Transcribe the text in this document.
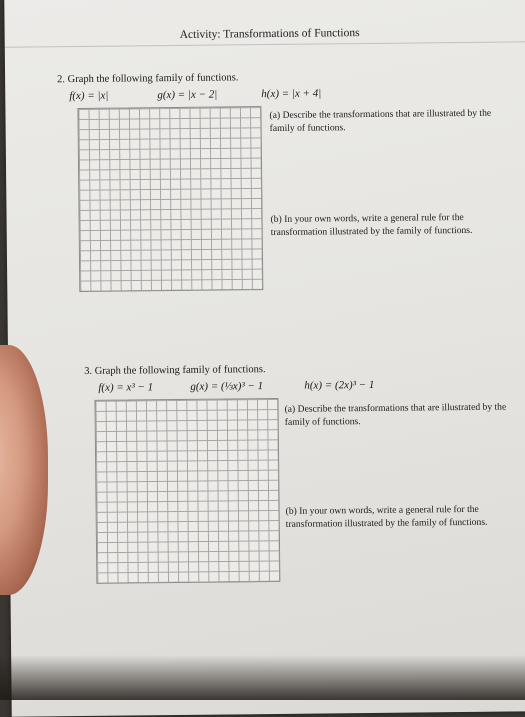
Activity: Transformations of Functions
2. Graph the following family of functions.
f(x) = |x|	g(x) = |x − 2|	h(x) = |x + 4|
(a) Describe the transformations that are illustrated by the family of functions.
(b) In your own words, write a general rule for the transformation illustrated by the family of functions.
3. Graph the following family of functions.
f(x) = x³ − 1	g(x) = (⅓x)³ − 1	h(x) = (2x)³ − 1
(a) Describe the transformations that are illustrated by the family of functions.
(b) In your own words, write a general rule for the transformation illustrated by the family of functions.
